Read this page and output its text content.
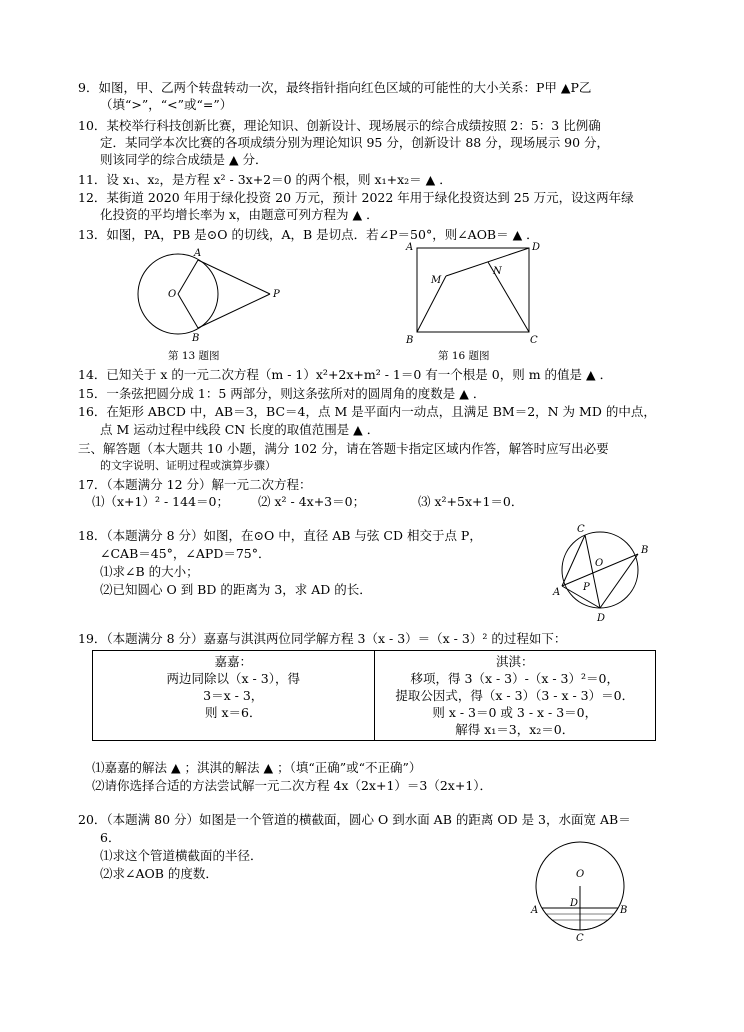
9．如图，甲、乙两个转盘转动一次，最终指针指向红色区域的可能性的大小关系：P甲 ▲P乙
（填“>”，“<”或“=”）
10．某校举行科技创新比赛，理论知识、创新设计、现场展示的综合成绩按照 2：5：3 比例确
定．某同学本次比赛的各项成绩分别为理论知识 95 分，创新设计 88 分，现场展示 90 分，
则该同学的综合成绩是 ▲ 分．
11．设 x₁、x₂，是方程 x² - 3x+2＝0 的两个根，则 x₁+x₂＝ ▲ ．
12．某街道 2020 年用于绿化投资 20 万元，预计 2022 年用于绿化投资达到 25 万元，设这两年绿
化投资的平均增长率为 x，由题意可列方程为 ▲ ．
13．如图，PA，PB 是⊙O 的切线，A，B 是切点．若∠P＝50°，则∠AOB＝ ▲ ．
A
B
O	P
第 13 题图
A	D
B	C
M
N
第 16 题图
14．已知关于 x 的一元二次方程（m - 1）x²+2x+m² - 1＝0 有一个根是 0，则 m 的值是 ▲ ．
15．一条弦把圆分成 1：5 两部分，则这条弦所对的圆周角的度数是 ▲ ．
16．在矩形 ABCD 中，AB＝3，BC＝4，点 M 是平面内一动点，且满足 BM＝2，N 为 MD 的中点，
点 M 运动过程中线段 CN 长度的取值范围是 ▲ ．
三、解答题（本大题共 10 小题，满分 102 分，请在答题卡指定区域内作答，解答时应写出必要
的文字说明、证明过程或演算步骤）
17．（本题满分 12 分）解一元二次方程：
⑴（x+1）² - 144＝0； ⑵ x² - 4x+3＝0；	⑶ x²+5x+1＝0．
18．（本题满分 8 分）如图，在⊙O 中，直径 AB 与弦 CD 相交于点 P，
∠CAB＝45°，∠APD＝75°．
⑴求∠B 的大小；
⑵已知圆心 O 到 BD 的距离为 3，求 AD 的长．
C
B
A
D
O
P
19．（本题满分 8 分）嘉嘉与淇淇两位同学解方程 3（x - 3）＝（x - 3）² 的过程如下：
嘉嘉：
两边同除以（x - 3），得
3＝x - 3，
则 x＝6．

淇淇：
移项，得 3（x - 3）-（x - 3）²＝0，
提取公因式，得（x - 3）（3 - x - 3）＝0．
则 x - 3＝0 或 3 - x - 3＝0，
解得 x₁＝3，x₂＝0．
⑴嘉嘉的解法 ▲ ；淇淇的解法 ▲ ；（填“正确”或“不正确”）
⑵请你选择合适的方法尝试解一元二次方程 4x（2x+1）＝3（2x+1）．
20．（本题满 80 分）如图是一个管道的横截面，圆心 O 到水面 AB 的距离 OD 是 3，水面宽 AB＝
6．
⑴求这个管道横截面的半径．
⑵求∠AOB 的度数．	O
D
A	B
C
